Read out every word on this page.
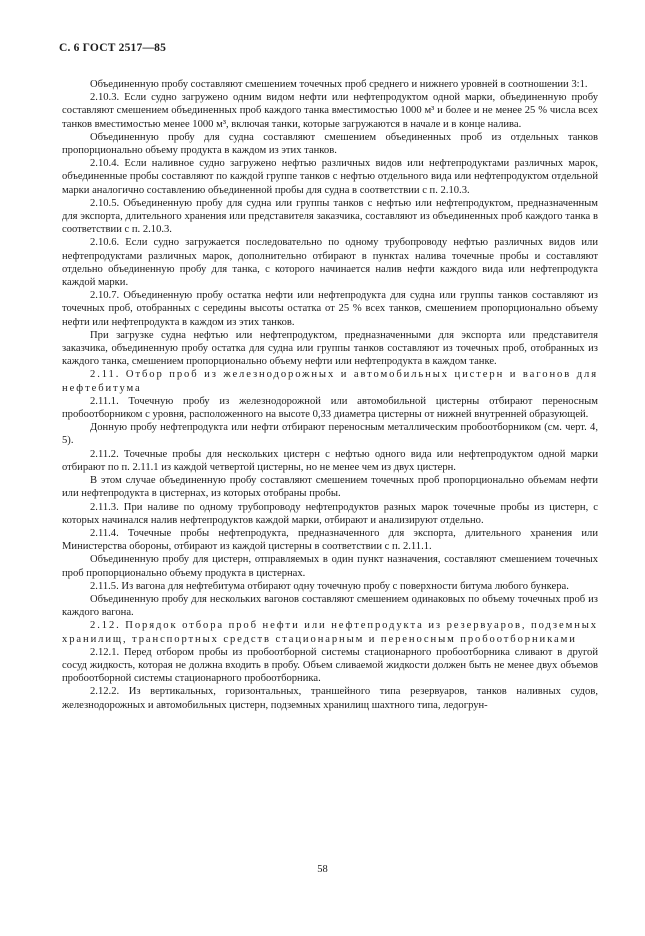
С. 6 ГОСТ 2517—85

Объединенную пробу составляют смешением точечных проб среднего и нижнего уровней в соотношении 3:1.

2.10.3. Если судно загружено одним видом нефти или нефтепродуктом одной марки, объединенную пробу составляют смешением объединенных проб каждого танка вместимостью 1000 м³ и более и не менее 25 % числа всех танков вместимостью менее 1000 м³, включая танки, которые загружаются в начале и в конце налива.

Объединенную пробу для судна составляют смешением объединенных проб из отдельных танков пропорционально объему продукта в каждом из этих танков.

2.10.4. Если наливное судно загружено нефтью различных видов или нефтепродуктами различных марок, объединенные пробы составляют по каждой группе танков с нефтью отдельного вида или нефтепродуктом отдельной марки аналогично составлению объединенной пробы для судна в соответствии с п. 2.10.3.

2.10.5. Объединенную пробу для судна или группы танков с нефтью или нефтепродуктом, предназначенным для экспорта, длительного хранения или представителя заказчика, составляют из объединенных проб каждого танка в соответствии с п. 2.10.3.

2.10.6. Если судно загружается последовательно по одному трубопроводу нефтью различных видов или нефтепродуктами различных марок, дополнительно отбирают в пунктах налива точечные пробы и составляют отдельно объединенную пробу для танка, с которого начинается налив нефти каждого вида или нефтепродукта каждой марки.

2.10.7. Объединенную пробу остатка нефти или нефтепродукта для судна или группы танков составляют из точечных проб, отобранных с середины высоты остатка от 25 % всех танков, смешением пропорционально объему нефти или нефтепродукта в каждом из этих танков.

При загрузке судна нефтью или нефтепродуктом, предназначенными для экспорта или представителя заказчика, объединенную пробу остатка для судна или группы танков составляют из точечных проб, отобранных из каждого танка, смешением пропорционально объему нефти или нефтепродукта в каждом танке.

2.11. Отбор проб из железнодорожных и автомобильных цистерн и вагонов для нефтебитума

2.11.1. Точечную пробу из железнодорожной или автомобильной цистерны отбирают переносным пробоотборником с уровня, расположенного на высоте 0,33 диаметра цистерны от нижней внутренней образующей.

Донную пробу нефтепродукта или нефти отбирают переносным металлическим пробоотборником (см. черт. 4, 5).

2.11.2. Точечные пробы для нескольких цистерн с нефтью одного вида или нефтепродуктом одной марки отбирают по п. 2.11.1 из каждой четвертой цистерны, но не менее чем из двух цистерн.

В этом случае объединенную пробу составляют смешением точечных проб пропорционально объемам нефти или нефтепродукта в цистернах, из которых отобраны пробы.

2.11.3. При наливе по одному трубопроводу нефтепродуктов разных марок точечные пробы из цистерн, с которых начинался налив нефтепродуктов каждой марки, отбирают и анализируют отдельно.

2.11.4. Точечные пробы нефтепродукта, предназначенного для экспорта, длительного хранения или Министерства обороны, отбирают из каждой цистерны в соответствии с п. 2.11.1.

Объединенную пробу для цистерн, отправляемых в один пункт назначения, составляют смешением точечных проб пропорционально объему продукта в цистернах.

2.11.5. Из вагона для нефтебитума отбирают одну точечную пробу с поверхности битума любого бункера.

Объединенную пробу для нескольких вагонов составляют смешением одинаковых по объему точечных проб из каждого вагона.

2.12. Порядок отбора проб нефти или нефтепродукта из резервуаров, подземных хранилищ, транспортных средств стационарным и переносным пробоотборниками

2.12.1. Перед отбором пробы из пробоотборной системы стационарного пробоотборника сливают в другой сосуд жидкость, которая не должна входить в пробу. Объем сливаемой жидкости должен быть не менее двух объемов пробоотборной системы стационарного пробоотборника.

2.12.2. Из вертикальных, горизонтальных, траншейного типа резервуаров, танков наливных судов, железнодорожных и автомобильных цистерн, подземных хранилищ шахтного типа, ледогрун-

58
